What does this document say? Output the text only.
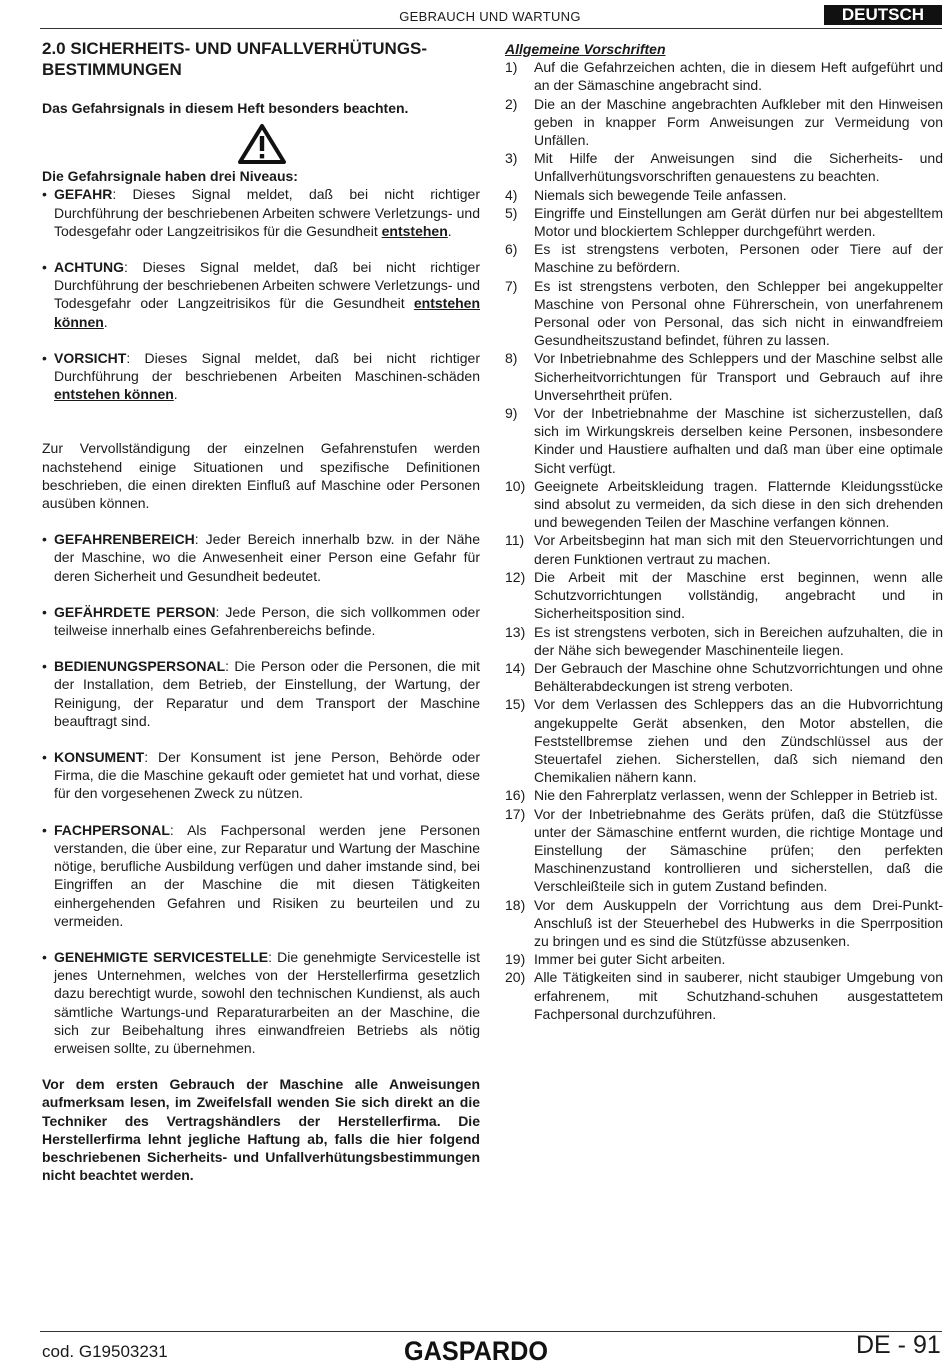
GEBRAUCH UND WARTUNG	DEUTSCH

2.0 SICHERHEITS- UND UNFALLVERHÜTUNGS-
BESTIMMUNGEN

Das Gefahrsignals in diesem Heft besonders beachten.

Die Gefahrsignale haben drei Niveaus:

• GEFAHR: Dieses Signal meldet, daß bei nicht richtiger Durchführung der beschriebenen Arbeiten schwere Verletzungs- und Todesgefahr oder Langzeitrisikos für die Gesundheit entstehen.
• ACHTUNG: Dieses Signal meldet, daß bei nicht richtiger Durchführung der beschriebenen Arbeiten schwere Verletzungs- und Todesgefahr oder Langzeitrisikos für die Gesundheit entstehen können.
• VORSICHT: Dieses Signal meldet, daß bei nicht richtiger Durchführung der beschriebenen Arbeiten Maschinen-schäden entstehen können.

Zur Vervollständigung der einzelnen Gefahrenstufen werden nachstehend einige Situationen und spezifische Definitionen beschrieben, die einen direkten Einfluß auf Maschine oder Personen ausüben können.

• GEFAHRENBEREICH: Jeder Bereich innerhalb bzw. in der Nähe der Maschine, wo die Anwesenheit einer Person eine Gefahr für deren Sicherheit und Gesundheit bedeutet.
• GEFÄHRDETE PERSON: Jede Person, die sich vollkommen oder teilweise innerhalb eines Gefahrenbereichs befinde.
• BEDIENUNGSPERSONAL: Die Person oder die Personen, die mit der Installation, dem Betrieb, der Einstellung, der Wartung, der Reinigung, der Reparatur und dem Transport der Maschine beauftragt sind.
• KONSUMENT: Der Konsument ist jene Person, Behörde oder Firma, die die Maschine gekauft oder gemietet hat und vorhat, diese für den vorgesehenen Zweck zu nützen.
• FACHPERSONAL: Als Fachpersonal werden jene Personen verstanden, die über eine, zur Reparatur und Wartung der Maschine nötige, berufliche Ausbildung verfügen und daher imstande sind, bei Eingriffen an der Maschine die mit diesen Tätigkeiten einhergehenden Gefahren und Risiken zu beurteilen und zu vermeiden.
• GENEHMIGTE SERVICESTELLE: Die genehmigte Servicestelle ist jenes Unternehmen, welches von der Herstellerfirma gesetzlich dazu berechtigt wurde, sowohl den technischen Kundienst, als auch sämtliche Wartungs-und Reparaturarbeiten an der Maschine, die sich zur Beibehaltung ihres einwandfreien Betriebs als nötig erweisen sollte, zu übernehmen.

Vor dem ersten Gebrauch der Maschine alle Anweisungen aufmerksam lesen, im Zweifelsfall wenden Sie sich direkt an die Techniker des Vertragshändlers der Herstellerfirma. Die Herstellerfirma lehnt jegliche Haftung ab, falls die hier folgend beschriebenen Sicherheits- und Unfallverhütungsbestimmungen nicht beachtet werden.

Allgemeine Vorschriften

1)	Auf die Gefahrzeichen achten, die in diesem Heft aufgeführt und an der Sämaschine angebracht sind.
2)	Die an der Maschine angebrachten Aufkleber mit den Hinweisen geben in knapper Form Anweisungen zur Vermeidung von Unfällen.
3)	Mit Hilfe der Anweisungen sind die Sicherheits- und Unfallverhütungsvorschriften genauestens zu beachten.
4)	Niemals sich bewegende Teile anfassen.
5)	Eingriffe und Einstellungen am Gerät dürfen nur bei abgestelltem Motor und blockiertem Schlepper durchgeführt werden.
6)	Es ist strengstens verboten, Personen oder Tiere auf der Maschine zu befördern.
7)	Es ist strengstens verboten, den Schlepper bei angekuppelter Maschine von Personal ohne Führerschein, von unerfahrenem Personal oder von Personal, das sich nicht in einwandfreiem Gesundheitszustand befindet, führen zu lassen.
8)	Vor Inbetriebnahme des Schleppers und der Maschine selbst alle Sicherheitvorrichtungen für Transport und Gebrauch auf ihre Unversehrtheit prüfen.
9)	Vor der Inbetriebnahme der Maschine ist sicherzustellen, daß sich im Wirkungskreis derselben keine Personen, insbesondere Kinder und Haustiere aufhalten und daß man über eine optimale Sicht verfügt.
10) Geeignete Arbeitskleidung tragen. Flatternde Kleidungsstücke sind absolut zu vermeiden, da sich diese in den sich drehenden und bewegenden Teilen der Maschine verfangen können.
11) Vor Arbeitsbeginn hat man sich mit den Steuervorrichtungen und deren Funktionen vertraut zu machen.
12) Die Arbeit mit der Maschine erst beginnen, wenn alle Schutzvorrichtungen vollständig, angebracht und in Sicherheitsposition sind.
13) Es ist strengstens verboten, sich in Bereichen aufzuhalten, die in der Nähe sich bewegender Maschinenteile liegen.
14) Der Gebrauch der Maschine ohne Schutzvorrichtungen und ohne Behälterabdeckungen ist streng verboten.
15) Vor dem Verlassen des Schleppers das an die Hubvorrichtung angekuppelte Gerät absenken, den Motor abstellen, die Feststellbremse ziehen und den Zündschlüssel aus der Steuertafel ziehen. Sicherstellen, daß sich niemand den Chemikalien nähern kann.
16) Nie den Fahrerplatz verlassen, wenn der Schlepper in Betrieb ist.
17) Vor der Inbetriebnahme des Geräts prüfen, daß die Stützfüsse unter der Sämaschine entfernt wurden, die richtige Montage und Einstellung der Sämaschine prüfen; den perfekten Maschinenzustand kontrollieren und sicherstellen, daß die Verschleißteile sich in gutem Zustand befinden.
18) Vor dem Auskuppeln der Vorrichtung aus dem Drei-Punkt-Anschluß ist der Steuerhebel des Hubwerks in die Sperrposition zu bringen und es sind die Stützfüsse abzusenken.
19) Immer bei guter Sicht arbeiten.
20) Alle Tätigkeiten sind in sauberer, nicht staubiger Umgebung von erfahrenem, mit Schutzhand-schuhen ausgestattetem Fachpersonal durchzuführen.
cod. G19503231	GASPARDO	DE - 91
